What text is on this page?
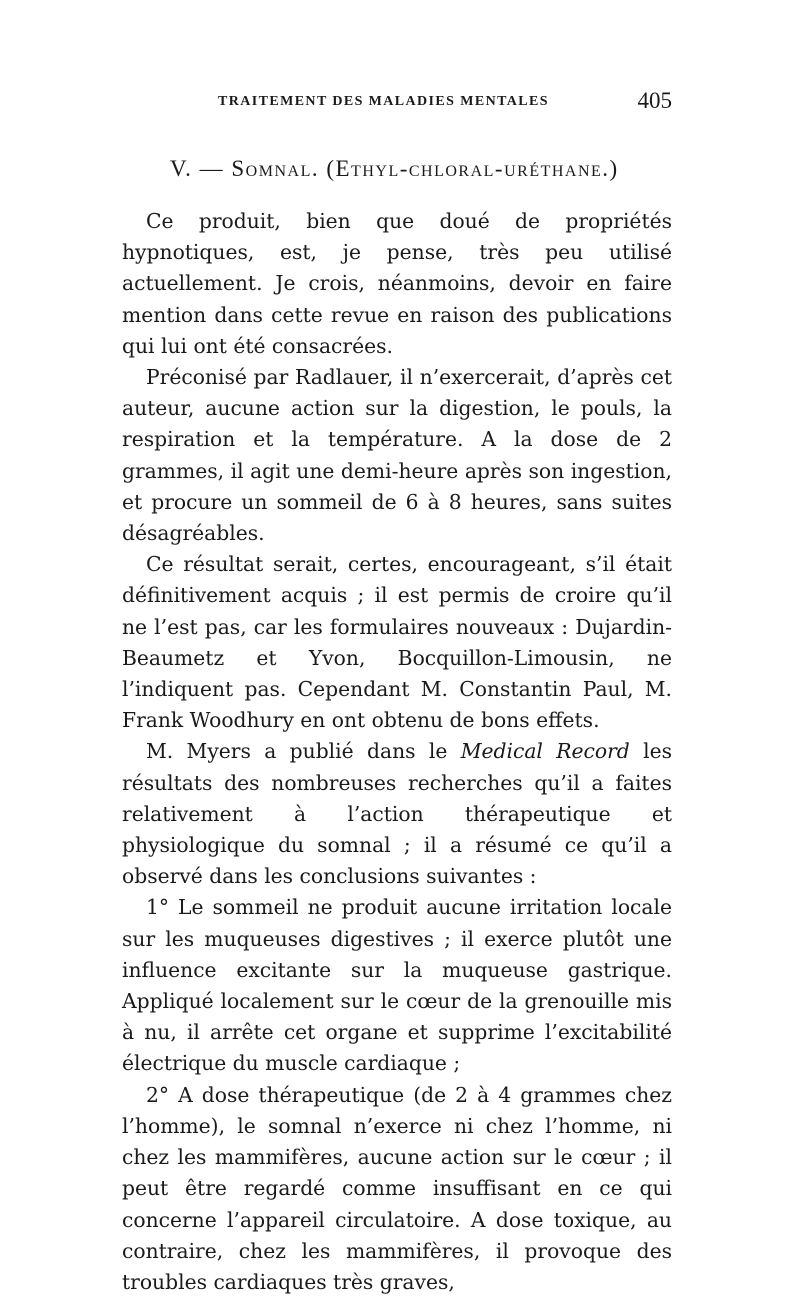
TRAITEMENT DES MALADIES MENTALES	405
V. — Somnal. (Ethyl-chloral-uréthane.)

Ce produit, bien que doué de propriétés hypnotiques, est, je pense, très peu utilisé actuellement. Je crois, néanmoins, devoir en faire mention dans cette revue en raison des publications qui lui ont été consacrées.

Préconisé par Radlauer, il n’exercerait, d’après cet auteur, aucune action sur la digestion, le pouls, la respiration et la température. A la dose de 2 grammes, il agit une demi-heure après son ingestion, et procure un sommeil de 6 à 8 heures, sans suites désagréables.

Ce résultat serait, certes, encourageant, s’il était définitivement acquis ; il est permis de croire qu’il ne l’est pas, car les formulaires nouveaux : Dujardin-Beaumetz et Yvon, Bocquillon-Limousin, ne l’indiquent pas. Cependant M. Constantin Paul, M. Frank Woodhury en ont obtenu de bons effets.

M. Myers a publié dans le Medical Record les résultats des nombreuses recherches qu’il a faites relativement à l’action thérapeutique et physiologique du somnal ; il a résumé ce qu’il a observé dans les conclusions suivantes :

1° Le sommeil ne produit aucune irritation locale sur les muqueuses digestives ; il exerce plutôt une influence excitante sur la muqueuse gastrique. Appliqué localement sur le cœur de la grenouille mis à nu, il arrête cet organe et supprime l’excitabilité électrique du muscle cardiaque ;

2° A dose thérapeutique (de 2 à 4 grammes chez l’homme), le somnal n’exerce ni chez l’homme, ni chez les mammifères, aucune action sur le cœur ; il peut être regardé comme insuffisant en ce qui concerne l’appareil circulatoire. A dose toxique, au contraire, chez les mammifères, il provoque des troubles cardiaques très graves,
